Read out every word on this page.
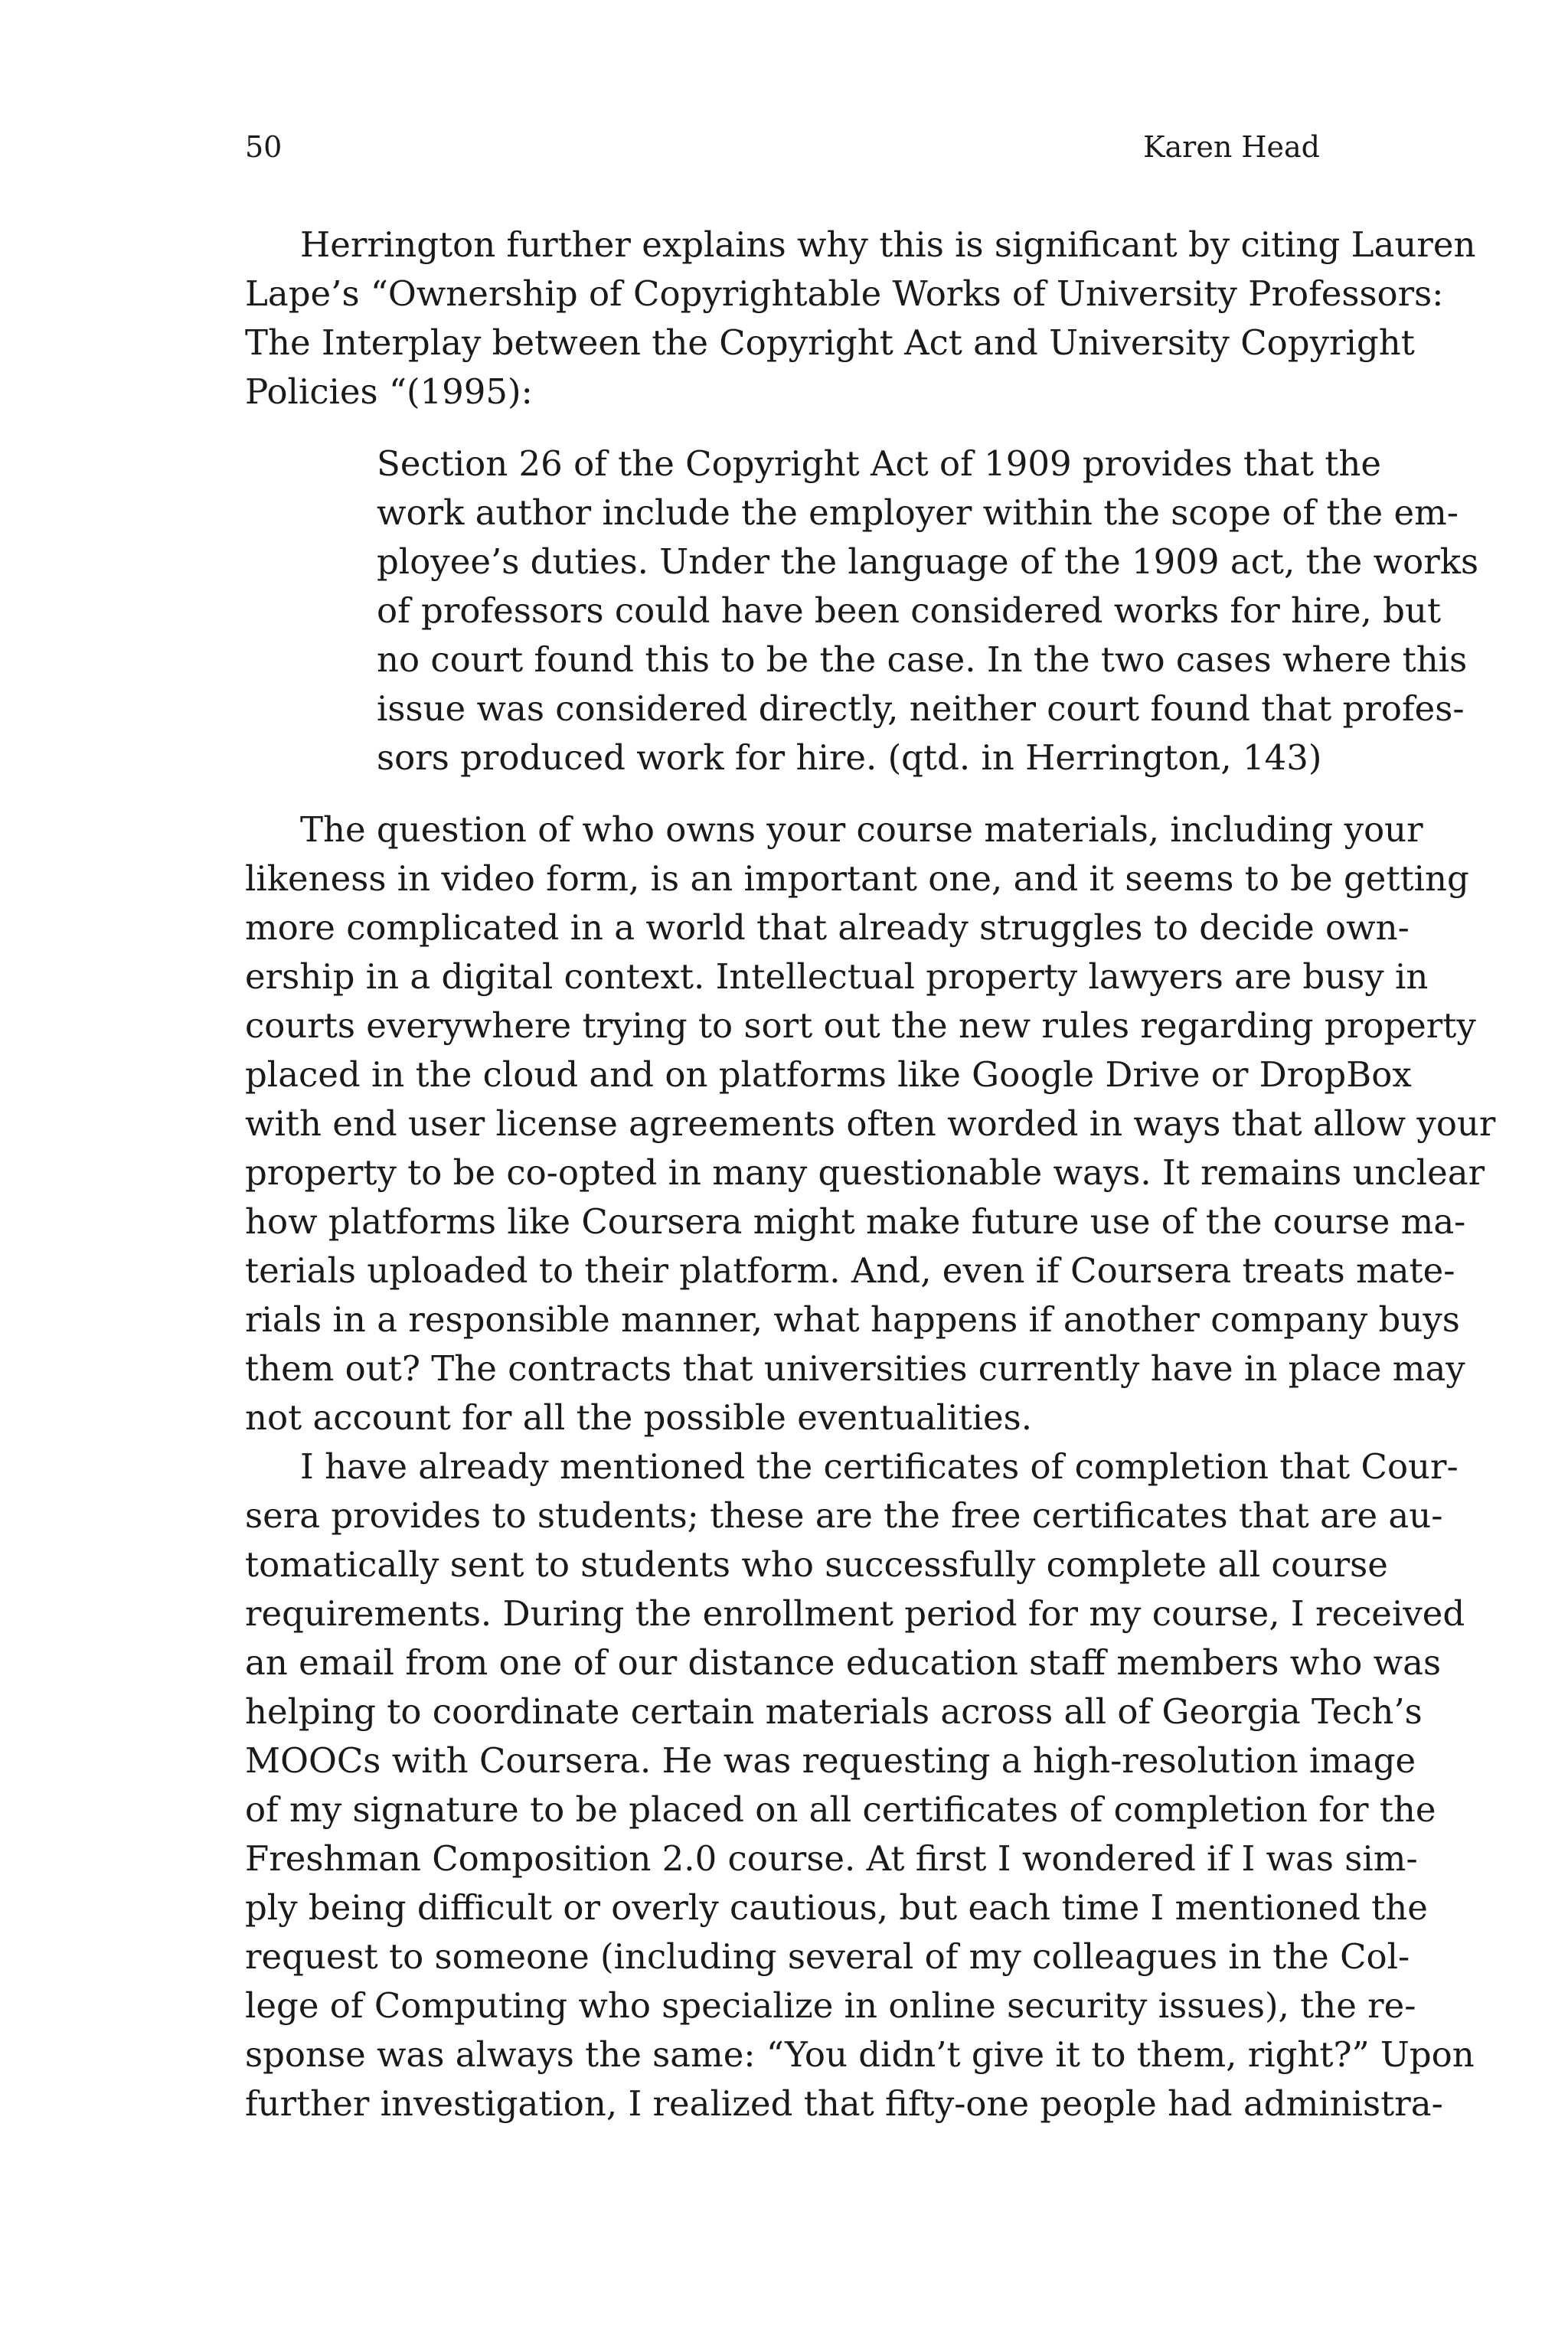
50	Karen Head
Herrington further explains why this is significant by citing Lauren
Lape’s “Ownership of Copyrightable Works of University Professors:
The Interplay between the Copyright Act and University Copyright
Policies “(1995):
Section 26 of the Copyright Act of 1909 provides that the
work author include the employer within the scope of the em-
ployee’s duties. Under the language of the 1909 act, the works
of professors could have been considered works for hire, but
no court found this to be the case. In the two cases where this
issue was considered directly, neither court found that profes-
sors produced work for hire. (qtd. in Herrington, 143)
The question of who owns your course materials, including your
likeness in video form, is an important one, and it seems to be getting
more complicated in a world that already struggles to decide own-
ership in a digital context. Intellectual property lawyers are busy in
courts everywhere trying to sort out the new rules regarding property
placed in the cloud and on platforms like Google Drive or DropBox
with end user license agreements often worded in ways that allow your
property to be co-opted in many questionable ways. It remains unclear
how platforms like Coursera might make future use of the course ma-
terials uploaded to their platform. And, even if Coursera treats mate-
rials in a responsible manner, what happens if another company buys
them out? The contracts that universities currently have in place may
not account for all the possible eventualities.
I have already mentioned the certificates of completion that Cour-
sera provides to students; these are the free certificates that are au-
tomatically sent to students who successfully complete all course
requirements. During the enrollment period for my course, I received
an email from one of our distance education staff members who was
helping to coordinate certain materials across all of Georgia Tech’s
MOOCs with Coursera. He was requesting a high-resolution image
of my signature to be placed on all certificates of completion for the
Freshman Composition 2.0 course. At first I wondered if I was sim-
ply being difficult or overly cautious, but each time I mentioned the
request to someone (including several of my colleagues in the Col-
lege of Computing who specialize in online security issues), the re-
sponse was always the same: “You didn’t give it to them, right?” Upon
further investigation, I realized that fifty-one people had administra-
